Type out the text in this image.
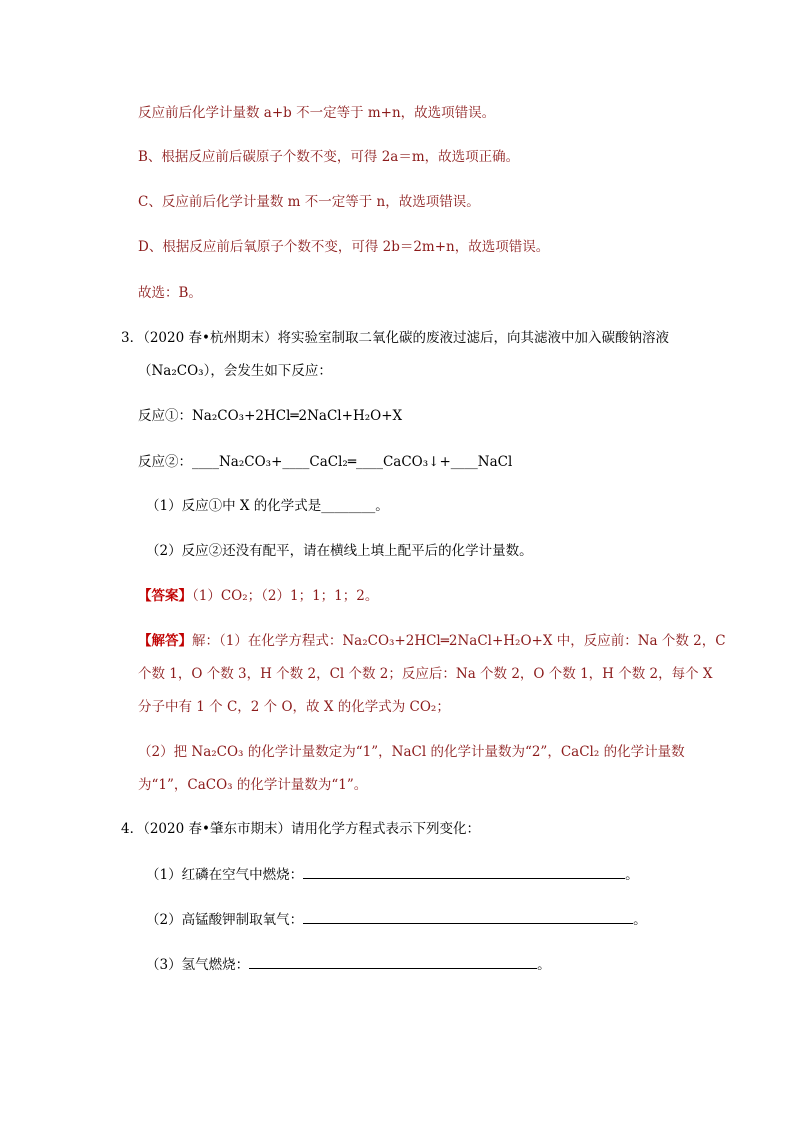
反应前后化学计量数 a+b 不一定等于 m+n，故选项错误。
B、根据反应前后碳原子个数不变，可得 2a＝m，故选项正确。
C、反应前后化学计量数 m 不一定等于 n，故选项错误。
D、根据反应前后氧原子个数不变，可得 2b＝2m+n，故选项错误。
故选：B。
3．（2020 春•杭州期末）将实验室制取二氧化碳的废液过滤后，向其滤液中加入碳酸钠溶液
（Na₂CO₃），会发生如下反应：
反应①：Na₂CO₃+2HCl═2NaCl+H₂O+X
反应②：____Na₂CO₃+____CaCl₂═____CaCO₃↓+____NaCl
（1）反应①中 X 的化学式是________。
（2）反应②还没有配平，请在横线上填上配平后的化学计量数。
【答案】（1）CO₂；（2）1；1；1；2。
【解答】解：（1）在化学方程式：Na₂CO₃+2HCl═2NaCl+H₂O+X 中，反应前：Na 个数 2，C
个数 1，O 个数 3，H 个数 2，Cl 个数 2；反应后：Na 个数 2，O 个数 1，H 个数 2，每个 X
分子中有 1 个 C，2 个 O，故 X 的化学式为 CO₂；
（2）把 Na₂CO₃ 的化学计量数定为“1”，NaCl 的化学计量数为“2”，CaCl₂ 的化学计量数
为“1”，CaCO₃ 的化学计量数为“1”。
4．（2020 春•肇东市期末）请用化学方程式表示下列变化：
（1）红磷在空气中燃烧：	。
（2）高锰酸钾制取氧气：	。
（3）氢气燃烧：	。
